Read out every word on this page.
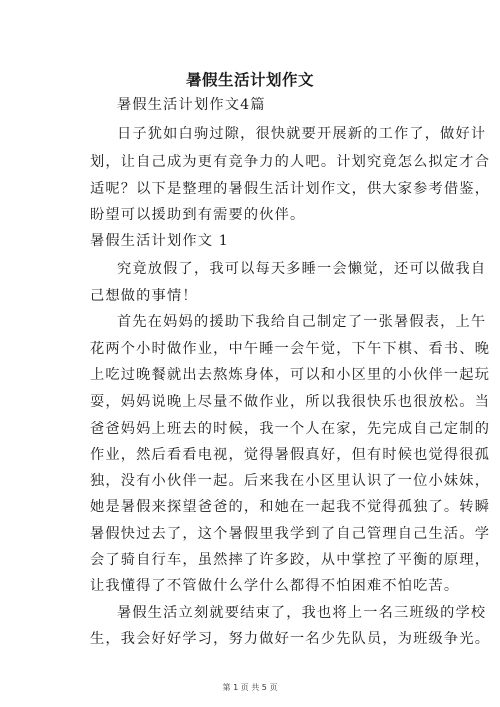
暑假生活计划作文
暑假生活计划作文4篇
日子犹如白驹过隙，很快就要开展新的工作了，做好计
划，让自己成为更有竞争力的人吧。计划究竟怎么拟定才合
适呢？以下是整理的暑假生活计划作文，供大家参考借鉴，
盼望可以援助到有需要的伙伴。
暑假生活计划作文 1
究竟放假了，我可以每天多睡一会懒觉，还可以做我自
己想做的事情！
首先在妈妈的援助下我给自己制定了一张暑假表，上午
花两个小时做作业，中午睡一会午觉，下午下棋、看书、晚
上吃过晚餐就出去熬炼身体，可以和小区里的小伙伴一起玩
耍，妈妈说晚上尽量不做作业，所以我很快乐也很放松。当
爸爸妈妈上班去的时候，我一个人在家，先完成自己定制的
作业，然后看看电视，觉得暑假真好，但有时候也觉得很孤
独，没有小伙伴一起。后来我在小区里认识了一位小妹妹，
她是暑假来探望爸爸的，和她在一起我不觉得孤独了。转瞬
暑假快过去了，这个暑假里我学到了自己管理自己生活。学
会了骑自行车，虽然摔了许多跤，从中掌控了平衡的原理，
让我懂得了不管做什么学什么都得不怕困难不怕吃苦。
暑假生活立刻就要结束了，我也将上一名三班级的学校
生，我会好好学习，努力做好一名少先队员，为班级争光。
第 1 页 共 5 页
